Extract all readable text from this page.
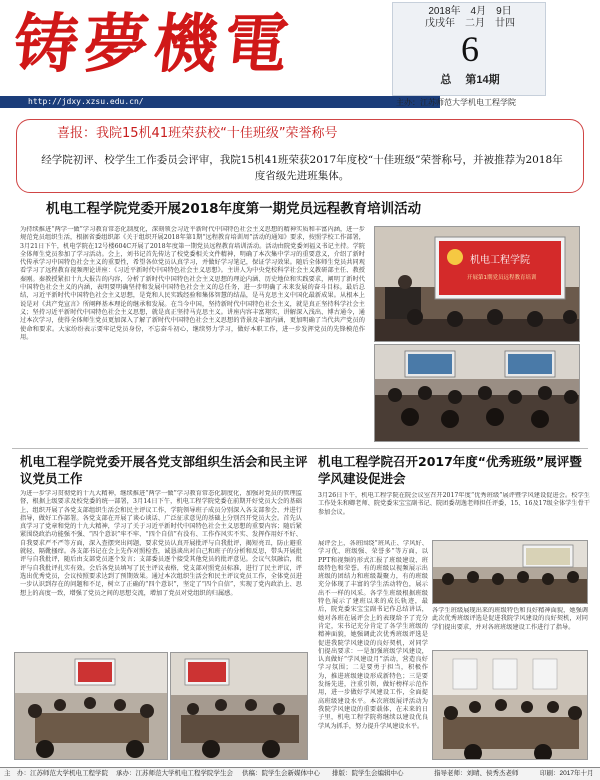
铸夢機電
http://jdxy.xzsu.edu.cn/
2018年　4月　9日
戊戌年　二月　廿四
6
总　 第14期
主办：江苏师范大学机电工程学院
喜报：我院15机41班荣获校“十佳班级”荣誉称号
经学院初评、校学生工作委员会评审，我院15机41班荣获2017年度校“十佳班级”荣誉称号，并被推荐为2018年度省级先进班集体。
机电工程学院党委开展2018年度第一期党员远程教育培训活动
为持续推进“两学一做”学习教育常态化制度化，深刻领会习近平新时代中国特色社会主义思想的精神实质和丰富内涵，进一步规范党员组织生活，根据省委组织部《关于组织开展2018年第1期“远程教育培训周”活动的通知》要求，按照学校工作部署，3月21日下午，机电学院在12号楼604C开展了2018年度第一期党员远程教育培训活动。活动由院党委刘福义书记主持。学院全体师生党员参加了学习活动。会上，刘书记首先传达了校党委相关文件精神，明确了本次集中学习的重要意义，介绍了新时代传承学习中国特色社会主义的重要性，希望各位党员认真学习，并做好学习笔记，保证学习效果。随后全体师生党员共同观看学习了远程教育视频理论讲座：《习近平新时代中国特色社会主义思想》。主讲人为中央党校科学社会主义教研部主任、教授秦刚。秦教授紧扣十九大报告的内容，分析了新时代中国特色社会主义思想的理论内涵、历史地位和实践要求，阐明了新时代中国特色社会主义的内涵，表明要明确坚持和发展中国特色社会主义的总任务，进一步明确了未来发展的奋斗目标。最后总结，习近平新时代中国特色社会主义思想，是党和人民实践经验和集体智慧的结晶，是马克思主义中国化最新成果。从根本上说是对《共产党宣言》所阐释基本理论的继承和发展。在当今中国，坚持新时代中国特色社会主义，就是真正坚持科学社会主义；坚持习近平新时代中国特色社会主义思想，就是真正坚持马克思主义。讲座内容丰富翔实，讲解深入浅出、博古通今，通过本次学习，使得全体师生党员更加深入了解了新时代中国特色社会主义思想的背景及丰富内涵，更加明确了当代共产党员的使命和要求。大家纷纷表示要牢记党员身份，不忘奋斗初心，继续努力学习，做好本职工作，进一步发挥党员的先锋模范作用。
机电工程学院
开展第1期党员远程教育培训
机电工程学院党委开展各党支部组织生活会和民主评议党员工作
为进一步学习贯彻党的十九大精神，继续推进“两学一做”学习教育常态化制度化，加强对党员的管理监督，根据上级要求及校党委的统一部署，3月14日下午，机电工程学院党委在前期开好党员大会的基础上，组织开展了各党支部组织生活会和民主评议工作，学院领导班子成员分别深入各支部参会、并进行指导，做好工作部署。各党支部在开展了谈心谈话、广泛征求意见的基础上分别召开党员大会。首先认真学习了党章和党的十九大精神，学习了关于习近平新时代中国特色社会主义思想的重要内容；随后紧紧围绕政治功能强不强、“四个意识”牢不牢、“四个自信”有没有、工作作风实不实、发挥作用好不好、自我要求严不严等方面，深入查摆突出问题，要求党员认真开展批评与自我批评，揭短亮丑，防止避重就轻、隔靴搔痒。各支部书记在会上先作对照检查，诚恳谈出对自己和班子的分析和反思，带头开展批评与自我批评，随后由支部党员逐个发言；支部委员逐个接受其他党员的批评意见。会议气氛融洽，批评与自我批评扎实有效。会后各党员填写了民主评议表格，党支部对照党员标准，进行了民主评议，评选出优秀党员，会议按照要求达到了预期效果。通过本次组织生活会和民主评议党员工作，全体党员进一步认识到存在的问题和不足，树立了正确的“四个意识”，坚定了“四个自信”，实现了党内政治上、思想上的高度一致，增强了党员之间的思想交流，增加了党员对党组织的归属感。
机电工程学院召开2017年度“优秀班级”展评暨学风建设促进会
3月26日下午，机电工程学院在院会议室召开2017年度“优秀班级”展评暨学风建设促进会。校学生工作处朱和卿老师、院党委宋宝宝副书记、院团委胡逸老师担任评委，15、16及17级全体学生骨干参加会议。
展评会上，各班围绕“班风正、学风好、学习优、班级强、荣誉多”等方面，以PPT和视频的形式汇报了班级建设、班级特色和荣誉。有的班级以视频展示出班级的团结力和班级凝聚力，有的班级充分体现了丰富的学生活动特色，展示出不一样的风采。各学生班级根据班级特色展示了建班以来的成长轨迹，最后，院党委宋宝宝副书记作总结讲话，她对各班在展评会上的表现给予了充分肯定，宋书记充分肯定了各学生班级的精神面貌，她强调此次优秀班级评选是促进我院学风建设的良好契机，对同学们提出要求：一是加强班级学风建设，认真做好“学风建设月”活动，营造良好学习氛围；二是要勇于担当，积极作为，推进班级建设形成新特色；三是要发扬先进，注重引领，做好榜样示范作用，进一步做好学风建设工作，全面提高班级建设水平。本次班级展评活动为我院学风建设的重要载体，在未来的日子里，机电工程学院将继续以建设优良学风为抓手，努力提升学风建设水平。
各学生班级展现出来的班级特色和良好精神面貌，她强调此次优秀班级评选是促进我院学风建设的良好契机，对同学们提出要求，并对各班班级建设工作进行了指导。
主　办：江苏师范大学机电工程学院 承办：江苏师范大学机电工程学院学生会 供稿：院学生会新媒体中心 排版：院学生会编辑中心	指导老师：刘晴、侯秀杰老师	印刷：2017年十月
